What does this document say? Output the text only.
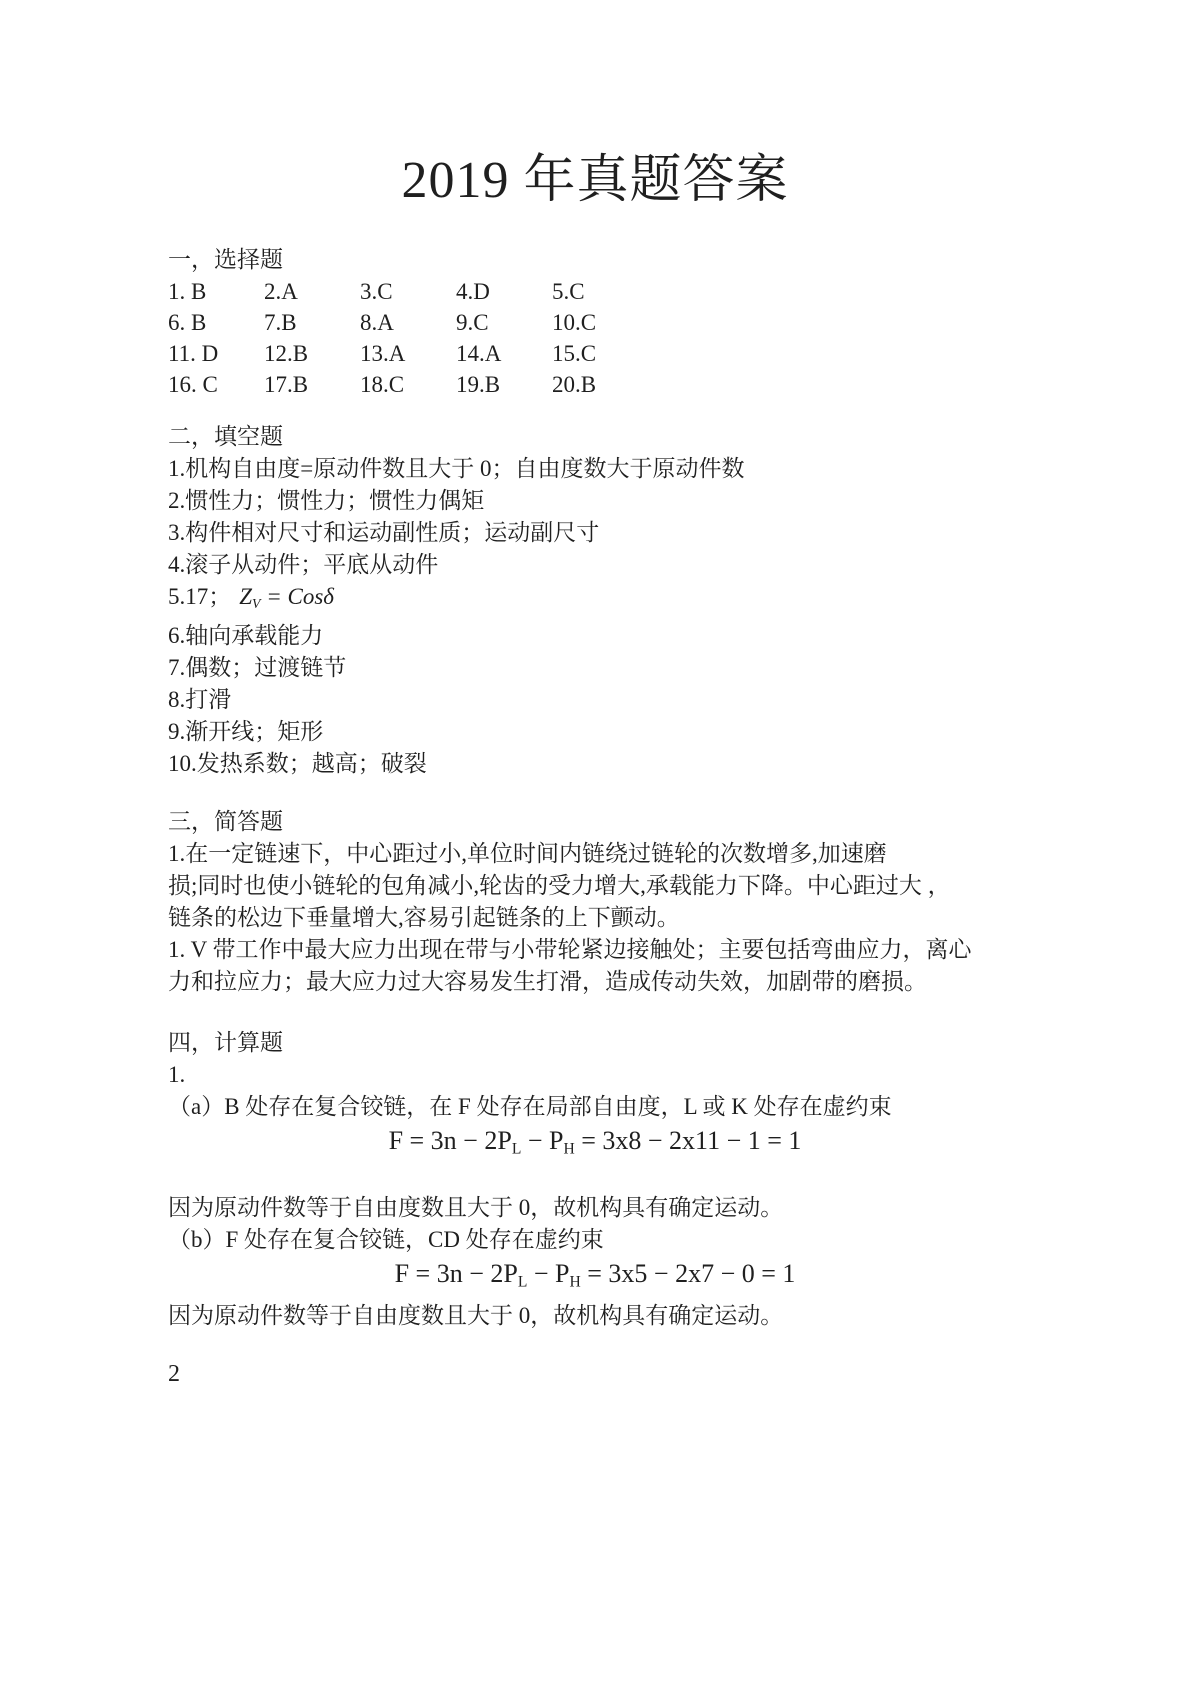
2019 年真题答案
一，选择题
1. B	2.A	3.C	4.D	5.C
6. B	7.B	8.A	9.C	10.C
11. D 12.B 13.A 14.A 15.C
16. C 17.B 18.C 19.B 20.B
二，填空题
1.机构自由度=原动件数且大于 0；自由度数大于原动件数
2.惯性力；惯性力；惯性力偶矩
3.构件相对尺寸和运动副性质；运动副尺寸
4.滚子从动件；平底从动件
5.17； $Z_V = Cos\delta$
6.轴向承载能力
7.偶数；过渡链节
8.打滑
9.渐开线；矩形
10.发热系数；越高；破裂
三，简答题
1.在一定链速下，中心距过小,单位时间内链绕过链轮的次数增多,加速磨
损;同时也使小链轮的包角减小,轮齿的受力增大,承载能力下降。中心距过大 ，
链条的松边下垂量增大,容易引起链条的上下颤动。
1. V 带工作中最大应力出现在带与小带轮紧边接触处；主要包括弯曲应力，离心
力和拉应力；最大应力过大容易发生打滑，造成传动失效，加剧带的磨损。
四，计算题
1.
（a）B 处存在复合铰链，在 F 处存在局部自由度，L 或 K 处存在虚约束
$F = 3n - 2P_L - P_H = 3x8 - 2x11 - 1 = 1$
因为原动件数等于自由度数且大于 0，故机构具有确定运动。
（b）F 处存在复合铰链，CD 处存在虚约束
$F = 3n - 2P_L - P_H = 3x5 - 2x7 - 0 = 1$
因为原动件数等于自由度数且大于 0，故机构具有确定运动。
2
